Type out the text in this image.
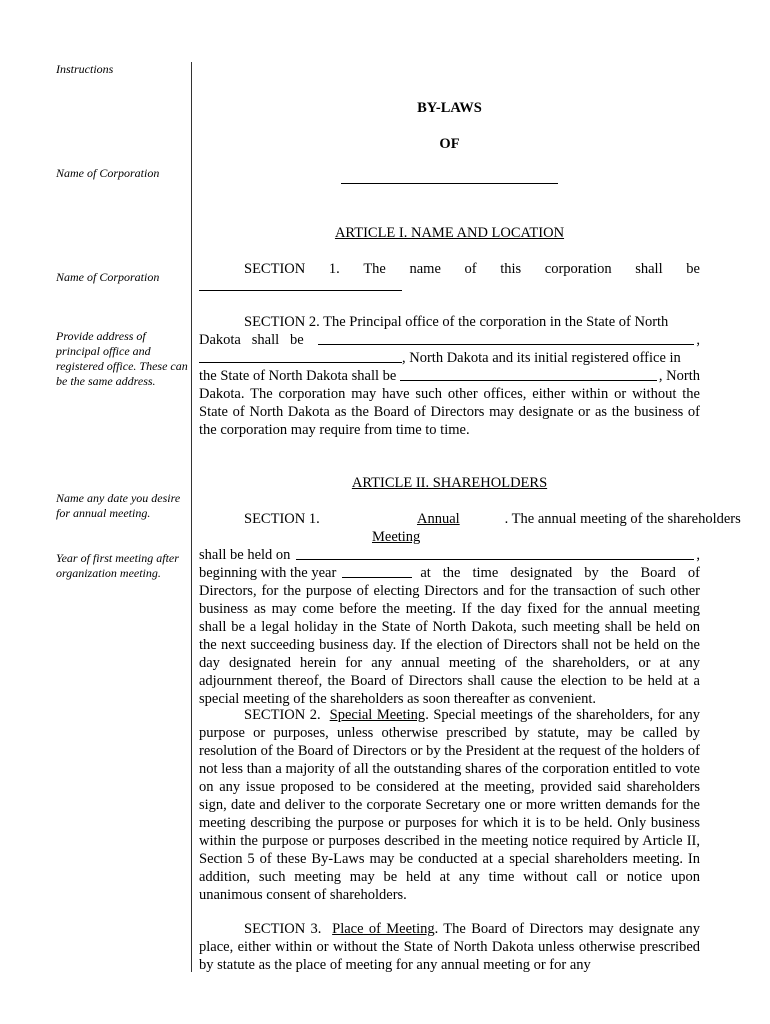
Instructions
Name of Corporation
Name of Corporation
Provide address of principal office and registered office. These can be the same address.
Name any date you desire for annual meeting.
Year of first meeting after organization meeting.
BY-LAWS
OF
ARTICLE I. NAME AND LOCATION
SECTION 1. The name of this corporation shall be
SECTION 2. The Principal office of the corporation in the State of North
Dakota   shall   be	,
, North Dakota and its initial registered office in
the State of North Dakota shall be	, North
Dakota. The corporation may have such other offices, either within or without the State of North Dakota as the Board of Directors may designate or as the business of the corporation may require from time to time.
ARTICLE II. SHAREHOLDERS
SECTION 1.
	Annual Meeting
. The annual meeting of the shareholders
shall be held on	,
beginning with the year	at the time designated by the Board of
Directors, for the purpose of electing Directors and for the transaction of such other business as may come before the meeting. If the day fixed for the annual meeting shall be a legal holiday in the State of North Dakota, such meeting shall be held on the next succeeding business day. If the election of Directors shall not be held on the day designated herein for any annual meeting of the shareholders, or at any adjournment thereof, the Board of Directors shall cause the election to be held at a special meeting of the shareholders as soon thereafter as convenient.
SECTION 2. Special Meeting. Special meetings of the shareholders, for any purpose or purposes, unless otherwise prescribed by statute, may be called by resolution of the Board of Directors or by the President at the request of the holders of not less than a majority of all the outstanding shares of the corporation entitled to vote on any issue proposed to be considered at the meeting, provided said shareholders sign, date and deliver to the corporate Secretary one or more written demands for the meeting describing the purpose or purposes for which it is to be held. Only business within the purpose or purposes described in the meeting notice required by Article II, Section 5 of these By-Laws may be conducted at a special shareholders meeting. In addition, such meeting may be held at any time without call or notice upon unanimous consent of shareholders.
SECTION 3. Place of Meeting. The Board of Directors may designate any place, either within or without the State of North Dakota unless otherwise prescribed by statute as the place of meeting for any annual meeting or for any
